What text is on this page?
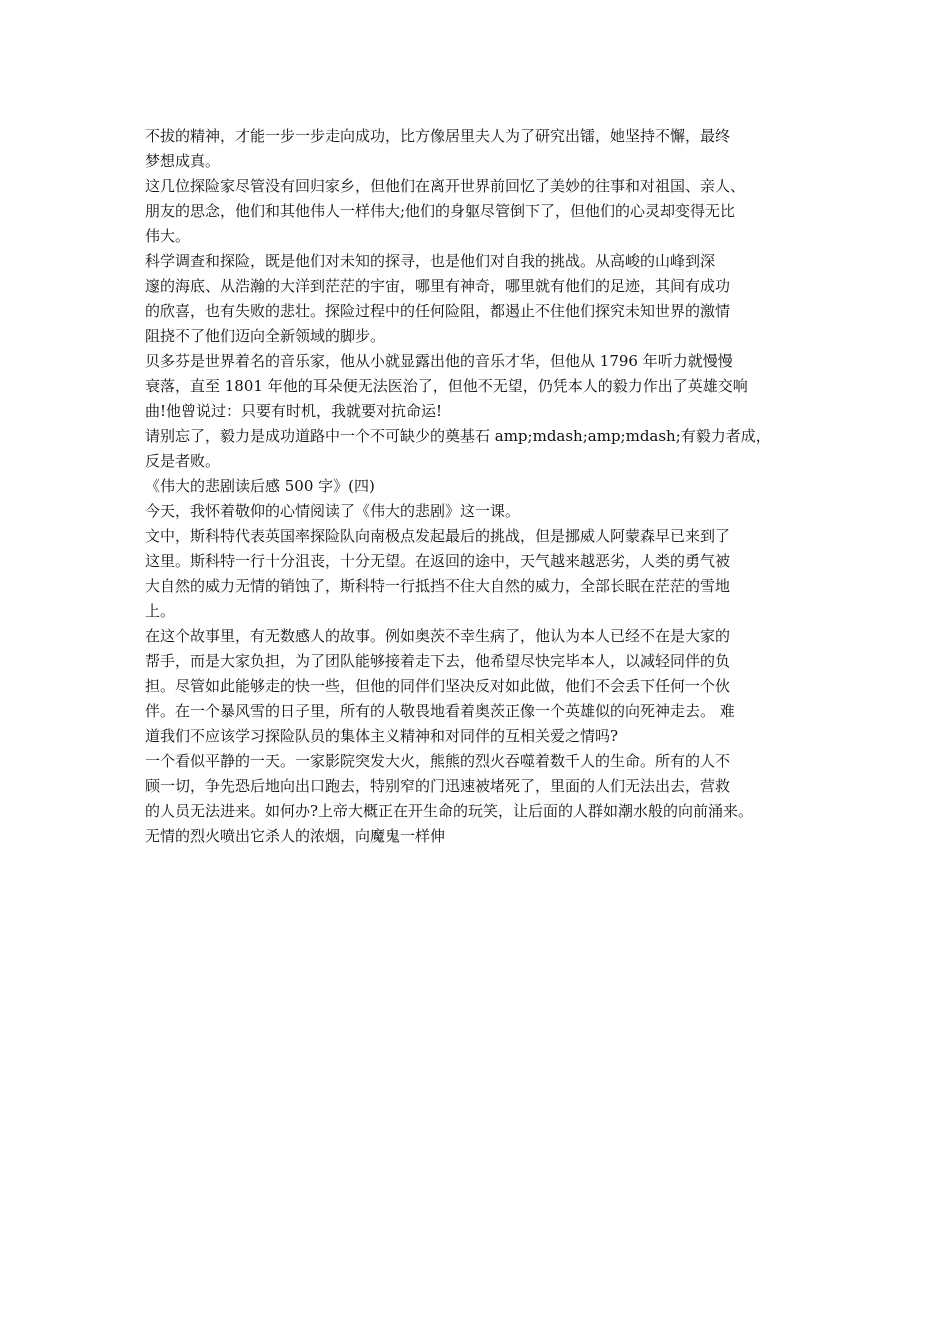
不拔的精神，才能一步一步走向成功，比方像居里夫人为了研究出镭，她坚持不懈，最终
梦想成真。
这几位探险家尽管没有回归家乡，但他们在离开世界前回忆了美妙的往事和对祖国、亲人、
朋友的思念，他们和其他伟人一样伟大;他们的身躯尽管倒下了，但他们的心灵却变得无比
伟大。
科学调查和探险，既是他们对未知的探寻，也是他们对自我的挑战。从高峻的山峰到深
邃的海底、从浩瀚的大洋到茫茫的宇宙，哪里有神奇，哪里就有他们的足迹，其间有成功
的欣喜，也有失败的悲壮。探险过程中的任何险阻，都遏止不住他们探究未知世界的激情
阻挠不了他们迈向全新领域的脚步。
贝多芬是世界着名的音乐家，他从小就显露出他的音乐才华，但他从 1796 年听力就慢慢
衰落，直至 1801 年他的耳朵便无法医治了，但他不无望，仍凭本人的毅力作出了英雄交响
曲!他曾说过：只要有时机，我就要对抗命运!
请别忘了，毅力是成功道路中一个不可缺少的奠基石 amp;mdash;amp;mdash;有毅力者成，
反是者败。
《伟大的悲剧读后感 500 字》(四)
今天，我怀着敬仰的心情阅读了《伟大的悲剧》这一课。
文中，斯科特代表英国率探险队向南极点发起最后的挑战，但是挪威人阿蒙森早已来到了
这里。斯科特一行十分沮丧，十分无望。在返回的途中，天气越来越恶劣，人类的勇气被
大自然的威力无情的销蚀了，斯科特一行抵挡不住大自然的威力，全部长眠在茫茫的雪地
上。
在这个故事里，有无数感人的故事。例如奥茨不幸生病了，他认为本人已经不在是大家的
帮手，而是大家负担，为了团队能够接着走下去，他希望尽快完毕本人，以减轻同伴的负
担。尽管如此能够走的快一些，但他的同伴们坚决反对如此做，他们不会丢下任何一个伙
伴。在一个暴风雪的日子里，所有的人敬畏地看着奥茨正像一个英雄似的向死神走去。 难
道我们不应该学习探险队员的集体主义精神和对同伴的互相关爱之情吗?
一个看似平静的一天。一家影院突发大火，熊熊的烈火吞噬着数千人的生命。所有的人不
顾一切，争先恐后地向出口跑去，特别窄的门迅速被堵死了，里面的人们无法出去，营救
的人员无法进来。如何办?上帝大概正在开生命的玩笑，让后面的人群如潮水般的向前涌来。
无情的烈火喷出它杀人的浓烟，向魔鬼一样伸
